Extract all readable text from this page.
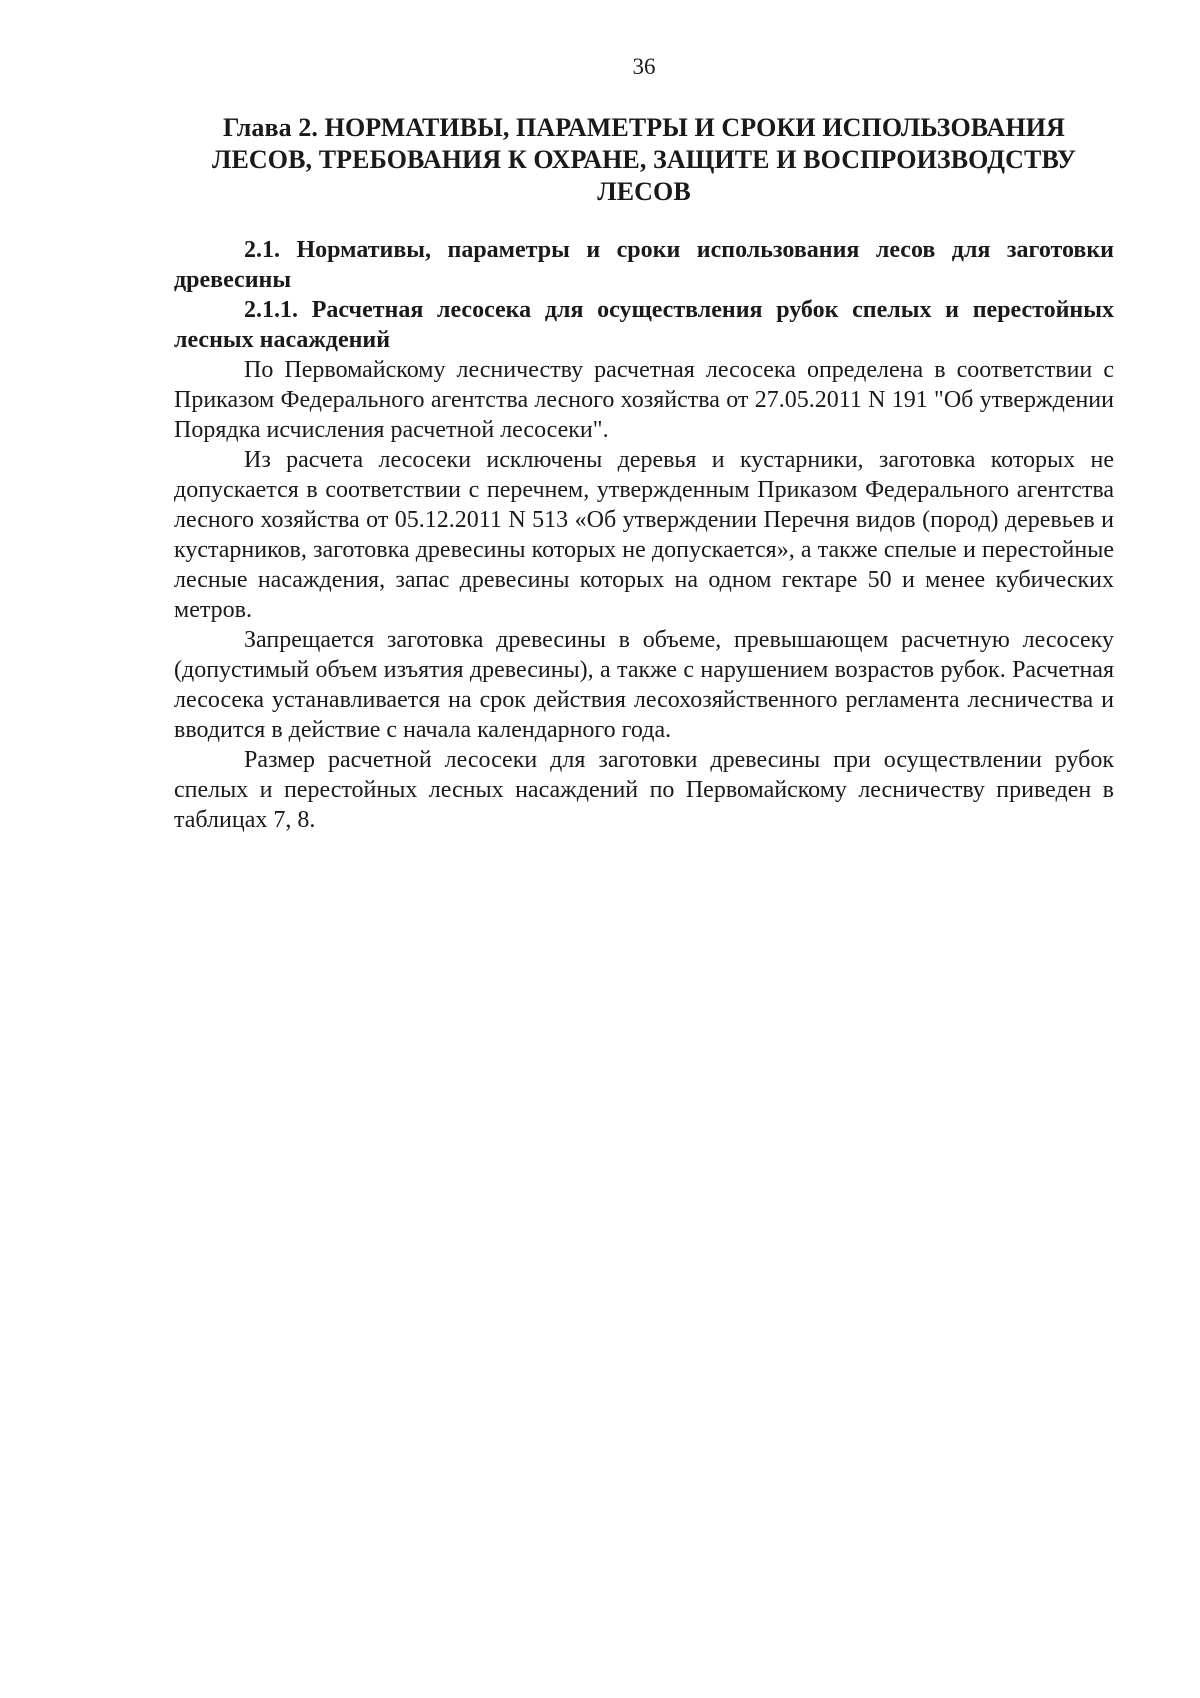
36
Глава 2. НОРМАТИВЫ, ПАРАМЕТРЫ И СРОКИ ИСПОЛЬЗОВАНИЯ
ЛЕСОВ, ТРЕБОВАНИЯ К ОХРАНЕ, ЗАЩИТЕ И ВОСПРОИЗВОДСТВУ
ЛЕСОВ

2.1. Нормативы, параметры и сроки использования лесов для заготовки древесины

2.1.1. Расчетная лесосека для осуществления рубок спелых и перестойных лесных насаждений

По Первомайскому лесничеству расчетная лесосека определена в соответствии с Приказом Федерального агентства лесного хозяйства от 27.05.2011 N 191 "Об утверждении Порядка исчисления расчетной лесосеки".

Из расчета лесосеки исключены деревья и кустарники, заготовка которых не допускается в соответствии с перечнем, утвержденным Приказом Федерального агентства лесного хозяйства от 05.12.2011 N 513 «Об утверждении Перечня видов (пород) деревьев и кустарников, заготовка древесины которых не допускается», а также спелые и перестойные лесные насаждения, запас древесины которых на одном гектаре 50 и менее кубических метров.

Запрещается заготовка древесины в объеме, превышающем расчетную лесосеку (допустимый объем изъятия древесины), а также с нарушением возрастов рубок. Расчетная лесосека устанавливается на срок действия лесохозяйственного регламента лесничества и вводится в действие с начала календарного года.

Размер расчетной лесосеки для заготовки древесины при осуществлении рубок спелых и перестойных лесных насаждений по Первомайскому лесничеству приведен в таблицах 7, 8.
